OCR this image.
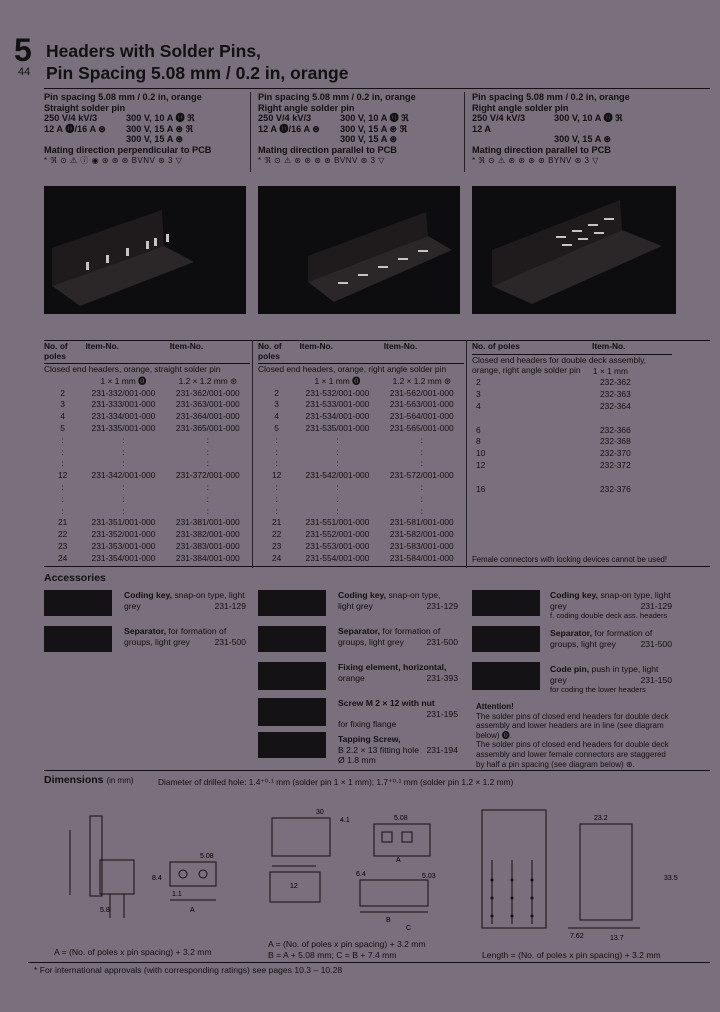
5
44
Headers with Solder Pins,
Pin Spacing 5.08 mm / 0.2 in, orange
Pin spacing 5.08 mm / 0.2 in, orange
Straight solder pin
250 V/4 kV/3	300 V, 10 A ⓿ ℜ
12 A ⓿/16 A ⊛	300 V, 15 A ⊛ ℜ
300 V, 15 A ⊛
Mating direction perpendicular to PCB
* ℜ ⊙ ⚠ ⓘ ◉ ⊛ ⊛ ⊛ BVNV ⊛ 3 ▽
Pin spacing 5.08 mm / 0.2 in, orange
Right angle solder pin
250 V/4 kV/3	300 V, 10 A ⓿ ℜ
12 A ⓿/16 A ⊛	300 V, 15 A ⊛ ℜ
300 V, 15 A ⊛
Mating direction parallel to PCB
* ℜ ⊙ ⚠ ⊛ ⊛ ⊛ ⊛ BVNV ⊛ 3 ▽
Pin spacing 5.08 mm / 0.2 in, orange
Right angle solder pin
250 V/4 kV/3	300 V, 10 A ⓿ ℜ
12 A
300 V, 15 A ⊛
Mating direction parallel to PCB
* ℜ ⊙ ⚠ ⊛ ⊛ ⊛ ⊛ BYNV ⊛ 3 ▽
No. of poles
Item-No.	Item-No.
Closed end headers, orange, straight solder pin
1 × 1 mm ⓿	1.2 × 1.2 mm ⊛
2	231-332/001-000	231-362/001-000
3	231-333/001-000	231-363/001-000
4	231-334/001-000	231-364/001-000
5	231-335/001-000	231-365/001-000
:	:	:
:	:	:
:	:	:
12	231-342/001-000	231-372/001-000
:	:	:
:	:	:
:	:	:
21	231-351/001-000	231-381/001-000
22	231-352/001-000	231-382/001-000
23	231-353/001-000	231-383/001-000
24	231-354/001-000	231-384/001-000
No. of poles
Item-No.	Item-No.
Closed end headers, orange, right angle solder pin
1 × 1 mm ⓿	1.2 × 1.2 mm ⊛
2	231-532/001-000	231-562/001-000
3	231-533/001-000	231-563/001-000
4	231-534/001-000	231-564/001-000
5	231-535/001-000	231-565/001-000
:	:	:
:	:	:
:	:	:
12	231-542/001-000	231-572/001-000
:	:	:
:	:	:
:	:	:
21	231-551/001-000	231-581/001-000
22	231-552/001-000	231-582/001-000
23	231-553/001-000	231-583/001-000
24	231-554/001-000	231-584/001-000
No. of poles	Item-No.
Closed end headers for double deck assembly, orange, right angle solder pin	1 × 1 mm
2	232-362
3	232-363
4	232-364
6	232-366
8	232-368
10	232-370
12	232-372
16	232-376
Female connectors with locking devices cannot be used!
Accessories
Coding key, snap-on type, light grey	231-129
Separator, for formation of groups, light grey	231-500
Coding key, snap-on type, light grey	231-129
Separator, for formation of groups, light grey	231-500
Fixing element, horizontal, orange	231-393
Screw M 2 × 12 with nut
231-195
for fixing flange
Tapping Screw,
231-194
B 2.2 × 13 fitting hole Ø 1.8 mm
Coding key, snap-on type, light grey	231-129
f. coding double deck ass. headers
Separator, for formation of groups, light grey	231-500
Code pin, push in type, light grey	231-150
for coding the lower headers
Attention!
The solder pins of closed end headers for double deck assembly and lower headers are in line (see diagram below) ⓿.
The solder pins of closed end headers for double deck assembly and lower female connectors are staggered by half a pin spacing (see diagram below) ⊛.
Dimensions (in mm)	Diameter of drilled hole: 1.4⁺⁰·¹ mm (solder pin 1 × 1 mm); 1.7⁺⁰·¹ mm (solder pin 1.2 × 1.2 mm)
5.08
5.8	A
1.1
8.4
30
4.1	5.08
12
6.4	5.03
A
B
C
23.2
13.7
7.62
33.5
A = (No. of poles x pin spacing) + 3.2 mm
A = (No. of poles x pin spacing) + 3.2 mm
B = A + 5.08 mm; C = B + 7.4 mm	Length = (No. of poles x pin spacing) + 3.2 mm
* For international approvals (with corresponding ratings) see pages 10.3 – 10.28
